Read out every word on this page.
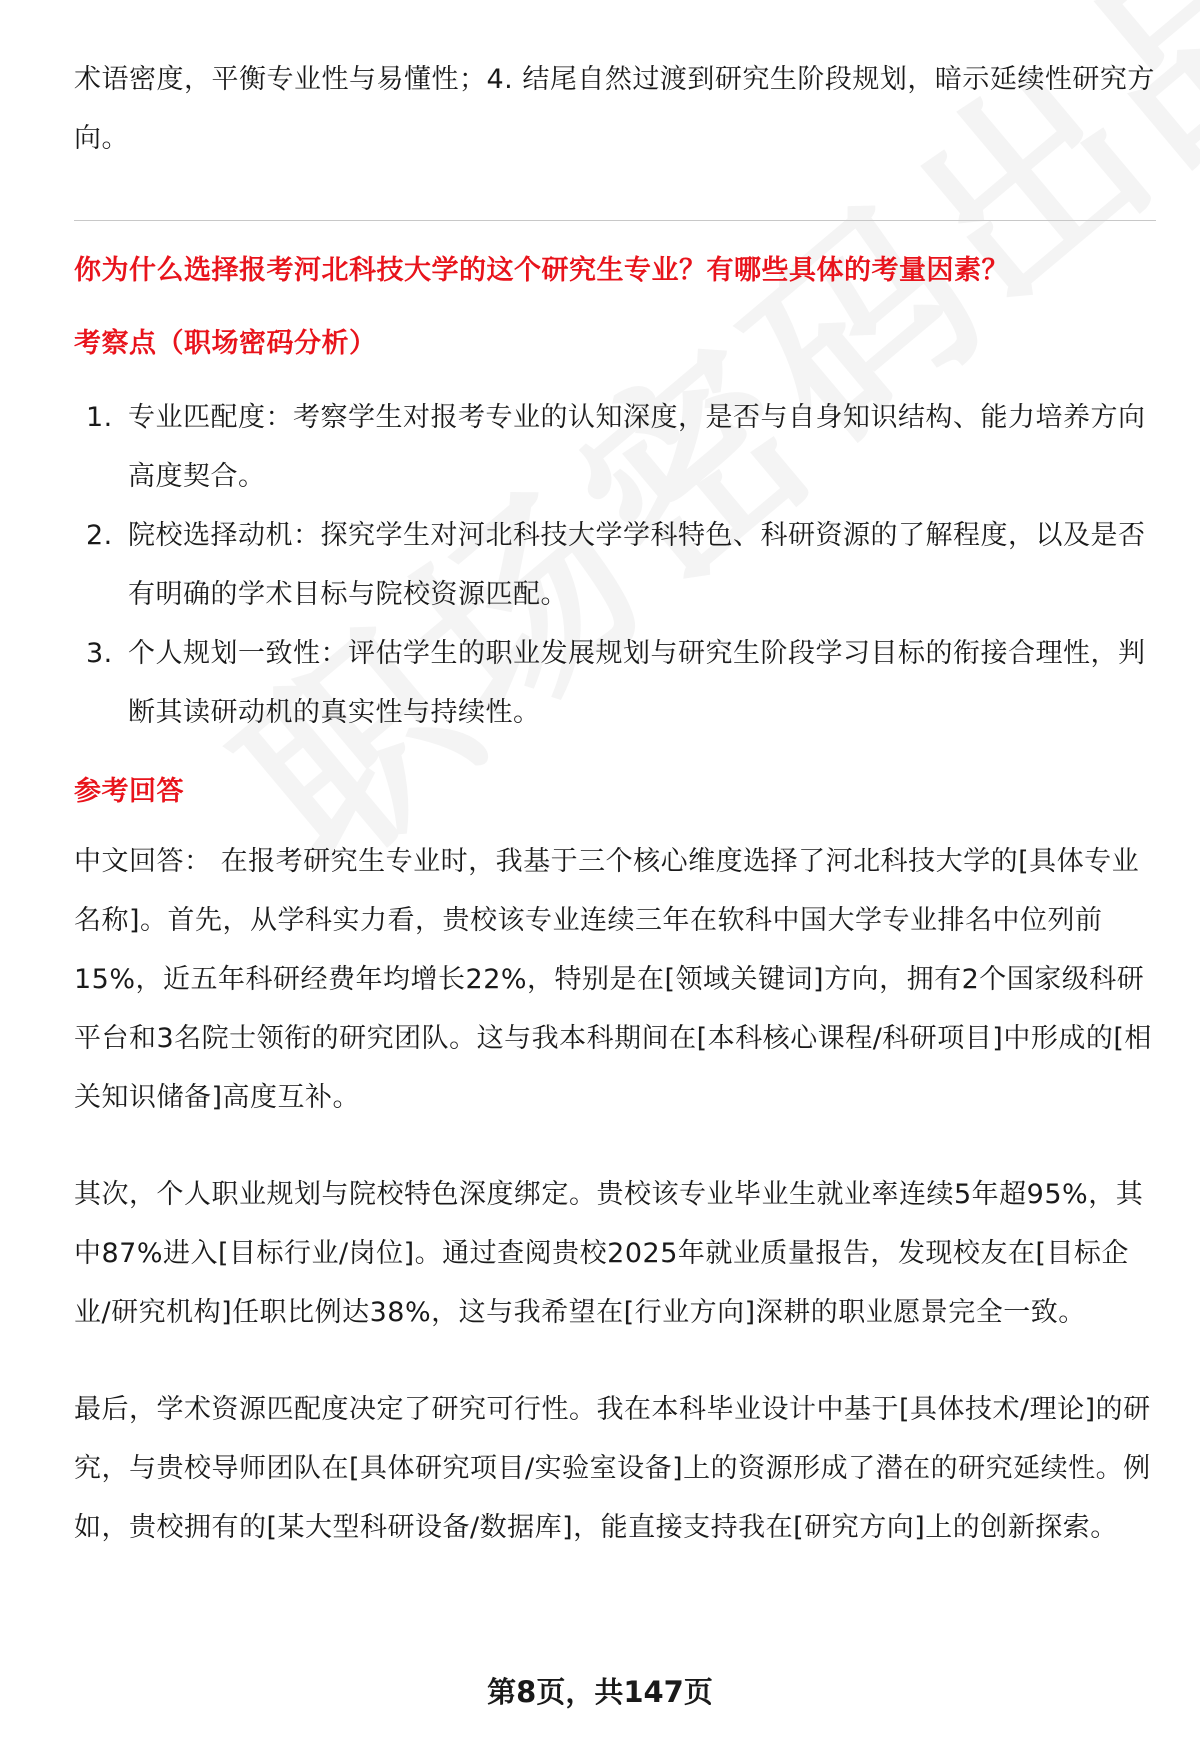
术语密度，平衡专业性与易懂性；4. 结尾自然过渡到研究生阶段规划，暗示延续性研究方向。

你为什么选择报考河北科技大学的这个研究生专业？有哪些具体的考量因素？

考察点（职场密码分析）

1. 专业匹配度：考察学生对报考专业的认知深度，是否与自身知识结构、能力培养方向高度契合。
2. 院校选择动机：探究学生对河北科技大学学科特色、科研资源的了解程度，以及是否有明确的学术目标与院校资源匹配。
3. 个人规划一致性：评估学生的职业发展规划与研究生阶段学习目标的衔接合理性，判断其读研动机的真实性与持续性。

参考回答

中文回答： 在报考研究生专业时，我基于三个核心维度选择了河北科技大学的[具体专业名称]。首先，从学科实力看，贵校该专业连续三年在软科中国大学专业排名中位列前15%，近五年科研经费年均增长22%，特别是在[领域关键词]方向，拥有2个国家级科研平台和3名院士领衔的研究团队。这与我本科期间在[本科核心课程/科研项目]中形成的[相关知识储备]高度互补。

其次，个人职业规划与院校特色深度绑定。贵校该专业毕业生就业率连续5年超95%，其中87%进入[目标行业/岗位]。通过查阅贵校2025年就业质量报告，发现校友在[目标企业/研究机构]任职比例达38%，这与我希望在[行业方向]深耕的职业愿景完全一致。

最后，学术资源匹配度决定了研究可行性。我在本科毕业设计中基于[具体技术/理论]的研究，与贵校导师团队在[具体研究项目/实验室设备]上的资源形成了潜在的研究延续性。例如，贵校拥有的[某大型科研设备/数据库]，能直接支持我在[研究方向]上的创新探索。

第8页，共147页
